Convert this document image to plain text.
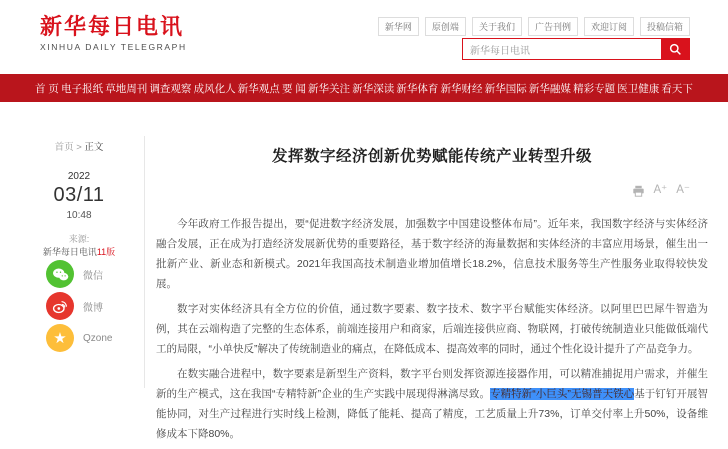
新华每日电讯
XINHUA DAILY TELEGRAPH
新华网	原创端	关于我们	广告刊例	欢迎订阅	投稿信箱
新华每日电讯
首 页 电子报纸 草地周刊 调查观察 成风化人 新华观点 要 闻 新华关注 新华深读 新华体育 新华财经 新华国际 新华融媒 精彩专题 医卫健康 看天下
首页 > 正文
2022
03/11
10:48
来源:
新华每日电讯11版
微信
微博
★ Qzone
发挥数字经济创新优势赋能传统产业转型升级
A⁺ A⁻

今年政府工作报告提出，要“促进数字经济发展，加强数字中国建设整体布局”。近年来，我国数字经济与实体经济融合发展，正在成为打造经济发展新优势的重要路径，基于数字经济的海量数据和实体经济的丰富应用场景，催生出一批新产业、新业态和新模式。2021年我国高技术制造业增加值增长18.2%，信息技术服务等生产性服务业取得较快发展。

数字对实体经济具有全方位的价值，通过数字要素、数字技术、数字平台赋能实体经济。以阿里巴巴犀牛智造为例，其在云端构造了完整的生态体系，前端连接用户和商家，后端连接供应商、物联网，打破传统制造业只能做低端代工的局限，“小单快反”解决了传统制造业的痛点，在降低成本、提高效率的同时，通过个性化设计提升了产品竞争力。

在数实融合进程中，数字要素是新型生产资料，数字平台则发挥资源连接器作用，可以精准捕捉用户需求，并催生新的生产模式，这在我国“专精特新”企业的生产实践中展现得淋漓尽致。专精特新“小巨头”无锡普天铁心基于钉钉开展智能协同，对生产过程进行实时线上检测，降低了能耗、提高了精度，工艺质量上升73%，订单交付率上升50%，设备维修成本下降80%。
